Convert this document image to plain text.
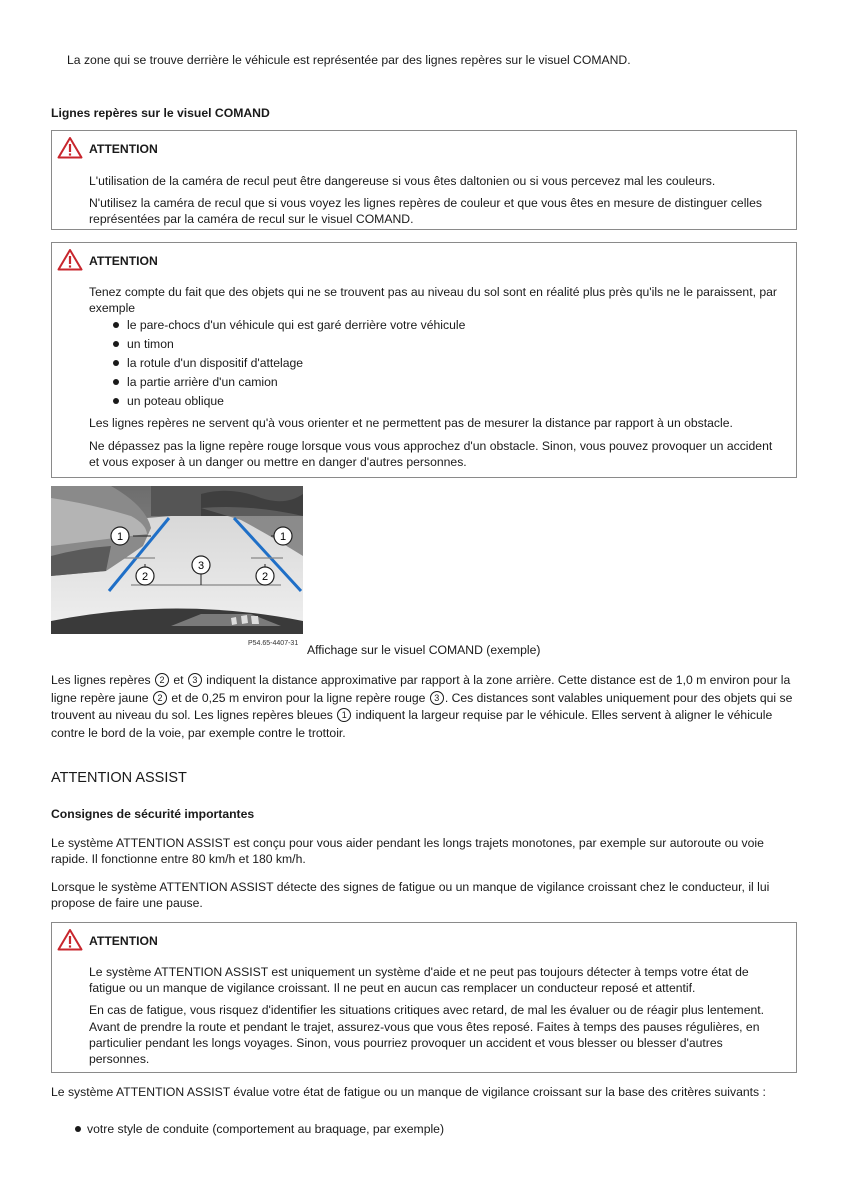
La zone qui se trouve derrière le véhicule est représentée par des lignes repères sur le visuel COMAND.

Lignes repères sur le visuel COMAND

ATTENTION

L'utilisation de la caméra de recul peut être dangereuse si vous êtes daltonien ou si vous percevez mal les couleurs.

N'utilisez la caméra de recul que si vous voyez les lignes repères de couleur et que vous êtes en mesure de distinguer celles représentées par la caméra de recul sur le visuel COMAND.

ATTENTION

Tenez compte du fait que des objets qui ne se trouvent pas au niveau du sol sont en réalité plus près qu'ils ne le paraissent, par exemple

le pare-chocs d'un véhicule qui est garé derrière votre véhicule
un timon
la rotule d'un dispositif d'attelage
la partie arrière d'un camion
un poteau oblique

Les lignes repères ne servent qu'à vous orienter et ne permettent pas de mesurer la distance par rapport à un obstacle.

Ne dépassez pas la ligne repère rouge lorsque vous vous approchez d'un obstacle. Sinon, vous pouvez provoquer un accident et vous exposer à un danger ou mettre en danger d'autres personnes.

1	1
2
3
2
P54.65-4407-31 Affichage sur le visuel COMAND (exemple)

Les lignes repères 2 et 3 indiquent la distance approximative par rapport à la zone arrière. Cette distance est de 1,0 m environ pour la ligne repère jaune 2 et de 0,25 m environ pour la ligne repère rouge 3 . Ces distances sont valables uniquement pour des objets qui se trouvent au niveau du sol. Les lignes repères bleues 1 indiquent la largeur requise par le véhicule. Elles servent à aligner le véhicule contre le bord de la voie, par exemple contre le trottoir.

ATTENTION ASSIST

Consignes de sécurité importantes

Le système ATTENTION ASSIST est conçu pour vous aider pendant les longs trajets monotones, par exemple sur autoroute ou voie rapide. Il fonctionne entre 80 km/h et 180 km/h.

Lorsque le système ATTENTION ASSIST détecte des signes de fatigue ou un manque de vigilance croissant chez le conducteur, il lui propose de faire une pause.

ATTENTION

Le système ATTENTION ASSIST est uniquement un système d'aide et ne peut pas toujours détecter à temps votre état de fatigue ou un manque de vigilance croissant. Il ne peut en aucun cas remplacer un conducteur reposé et attentif.

En cas de fatigue, vous risquez d'identifier les situations critiques avec retard, de mal les évaluer ou de réagir plus lentement. Avant de prendre la route et pendant le trajet, assurez-vous que vous êtes reposé. Faites à temps des pauses régulières, en particulier pendant les longs voyages. Sinon, vous pourriez provoquer un accident et vous blesser ou blesser d'autres personnes.

Le système ATTENTION ASSIST évalue votre état de fatigue ou un manque de vigilance croissant sur la base des critères suivants :

votre style de conduite (comportement au braquage, par exemple)
